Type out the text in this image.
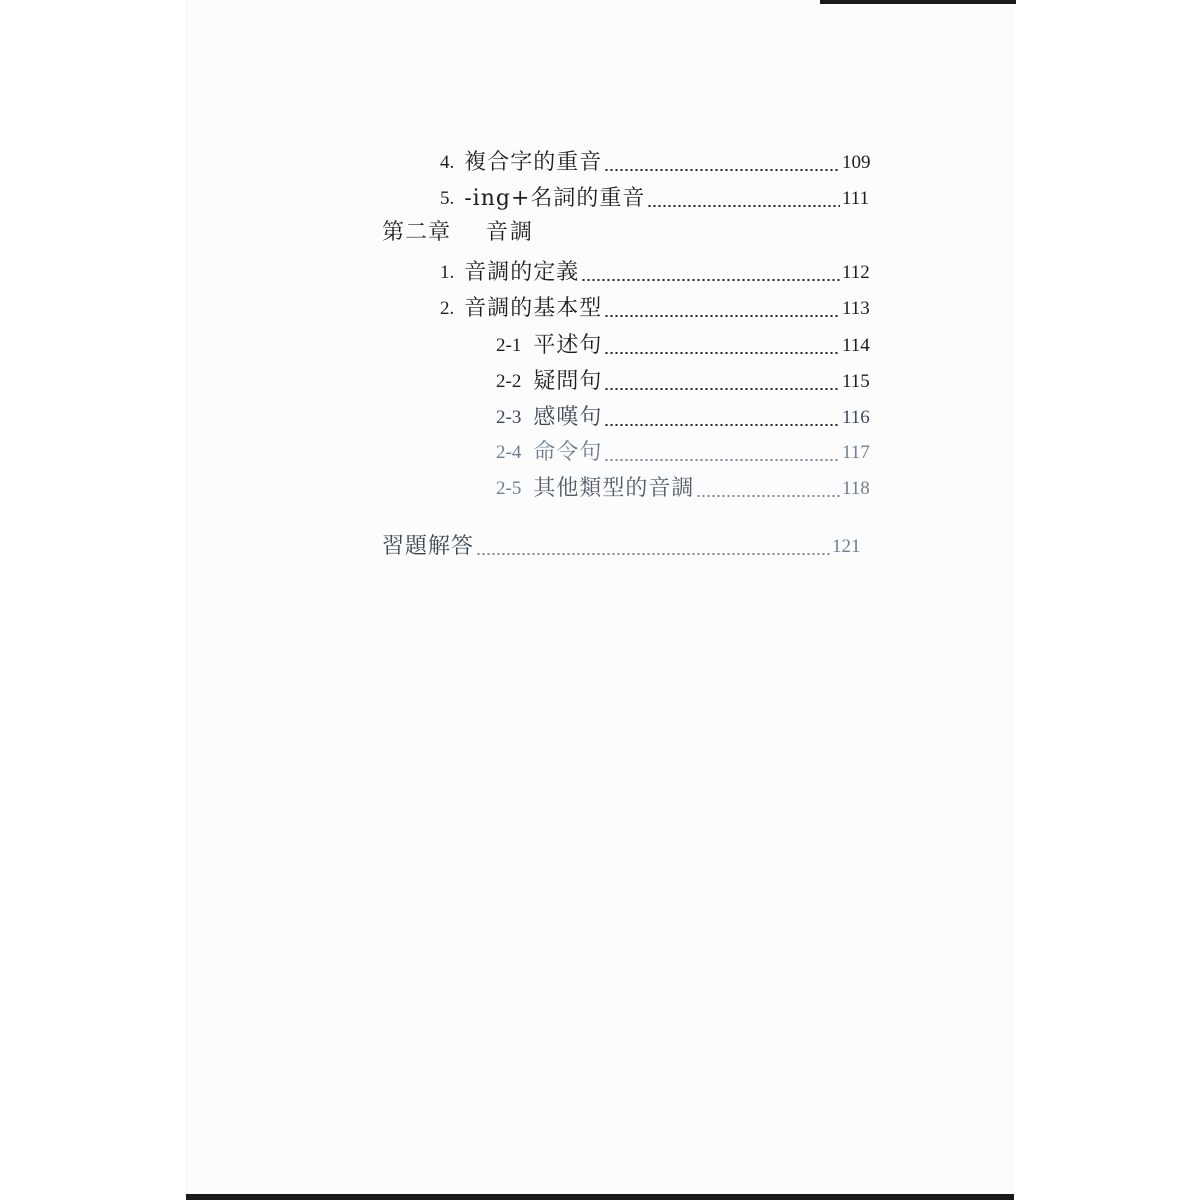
4. 複合字的重音	109
5. -ing+名詞的重音	111
第二章 音調
1. 音調的定義	112
2. 音調的基本型	113
2-1 平述句	114
2-2 疑問句	115
2-3 感嘆句	116
2-4 命令句	117
2-5 其他類型的音調	118
習題解答	121
